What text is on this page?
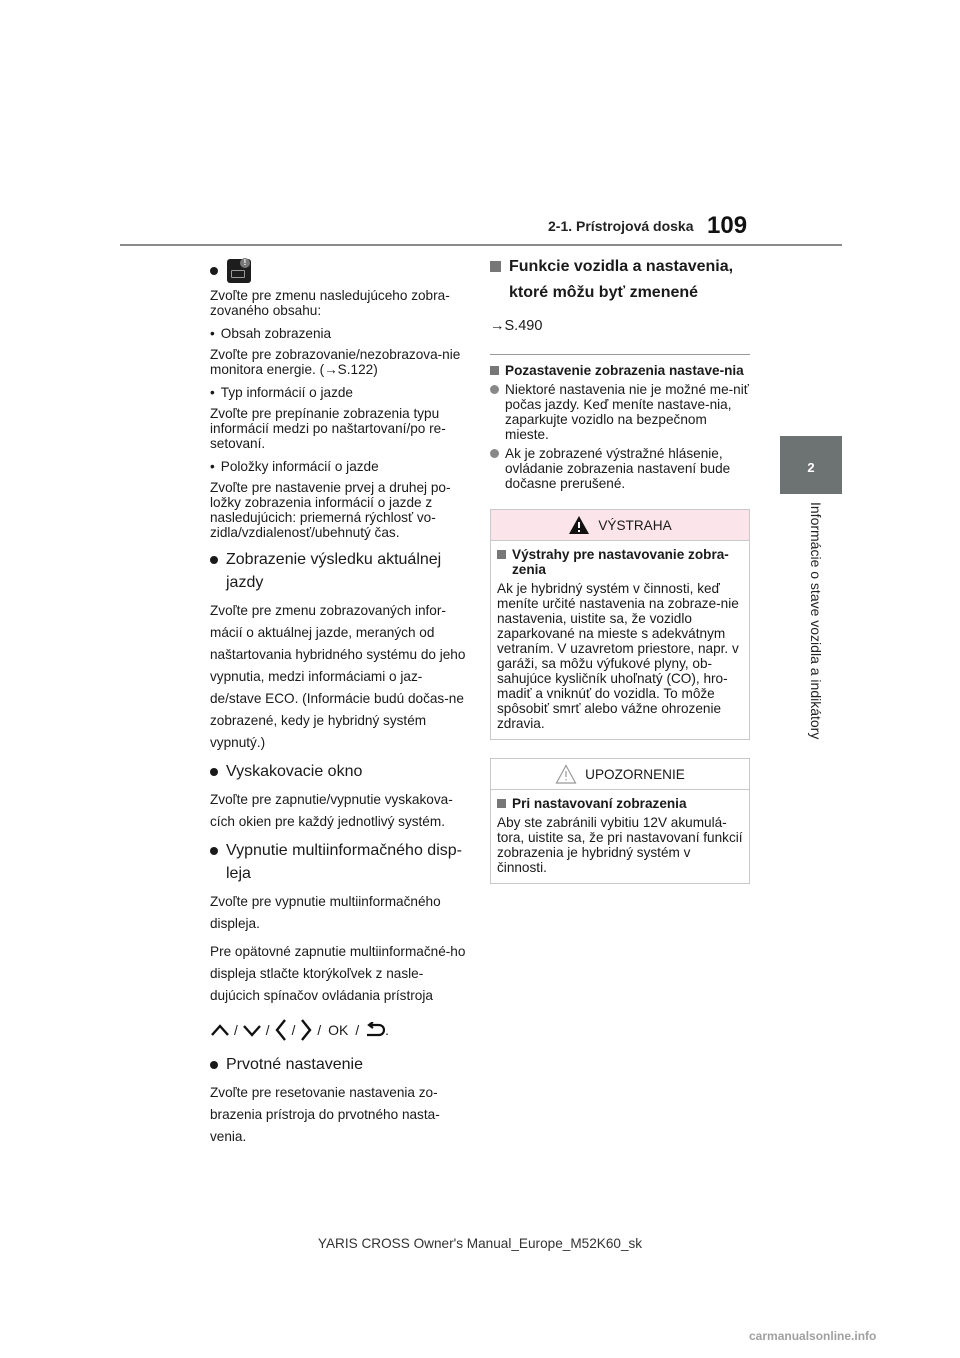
2-1. Prístrojová doska 109
2
Informácie o stave vozidla a indikátory
!

Zvoľte pre zmenu nasledujúceho zobra-zovaného obsahu:

• Obsah zobrazenia

Zvoľte pre zobrazovanie/nezobrazova-nie monitora energie. (→S.122)

• Typ informácií o jazde

Zvoľte pre prepínanie zobrazenia typu informácií medzi po naštartovaní/po re-setovaní.

• Položky informácií o jazde

Zvoľte pre nastavenie prvej a druhej po-ložky zobrazenia informácií o jazde z nasledujúcich: priemerná rýchlosť vo-zidla/vzdialenosť/ubehnutý čas.

Zobrazenie výsledku aktuálnej jazdy

Zvoľte pre zmenu zobrazovaných infor-mácií o aktuálnej jazde, meraných od naštartovania hybridného systému do jeho vypnutia, medzi informáciami o jaz-de/stave ECO. (Informácie budú dočas-ne zobrazené, kedy je hybridný systém vypnutý.)

Vyskakovacie okno

Zvoľte pre zapnutie/vypnutie vyskakova-cích okien pre každý jednotlivý systém.

Vypnutie multiinformačného disp-leja

Zvoľte pre vypnutie multiinformačného displeja.

Pre opätovné zapnutie multiinformačné-ho displeja stlačte ktorýkoľvek z nasle-dujúcich spínačov ovládania prístroja

/ / / / OK / .
Prvotné nastavenie

Zvoľte pre resetovanie nastavenia zo-brazenia prístroja do prvotného nasta-venia.

Funkcie vozidla a nastavenia, ktoré môžu byť zmenené
→S.490
Pozastavenie zobrazenia nastave-nia
Niektoré nastavenia nie je možné me-niť počas jazdy. Keď meníte nastave-nia, zaparkujte vozidlo na bezpečnom mieste.
Ak je zobrazené výstražné hlásenie, ovládanie zobrazenia nastavení bude dočasne prerušené.
VÝSTRAHA
Výstrahy pre nastavovanie zobra-zenia

Ak je hybridný systém v činnosti, keď meníte určité nastavenia na zobraze-nie nastavenia, uistite sa, že vozidlo zaparkované na mieste s adekvátnym vetraním. V uzavretom priestore, napr. v garáži, sa môžu výfukové plyny, ob-sahujúce kysličník uhoľnatý (CO), hro-madiť a vniknúť do vozidla. To môže spôsobiť smrť alebo vážne ohrozenie zdravia.

UPOZORNENIE
Pri nastavovaní zobrazenia

Aby ste zabránili vybitiu 12V akumulá-tora, uistite sa, že pri nastavovaní funkcií zobrazenia je hybridný systém v činnosti.

YARIS CROSS Owner's Manual_Europe_M52K60_sk
carmanualsonline.info
